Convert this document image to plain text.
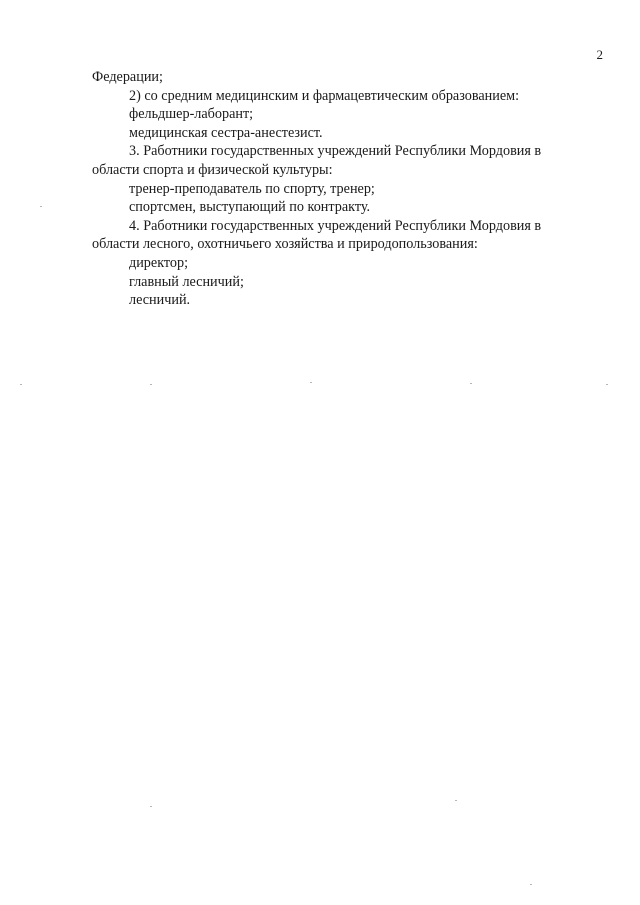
2
Федерации;
2) со средним медицинским и фармацевтическим образованием:
фельдшер-лаборант;
медицинская сестра-анестезист.
3. Работники государственных учреждений Республики Мордовия в
области спорта и физической культуры:
тренер-преподаватель по спорту, тренер;
спортсмен, выступающий по контракту.
4. Работники государственных учреждений Республики Мордовия в
области лесного, охотничьего хозяйства и природопользования:
директор;
главный лесничий;
лесничий.
